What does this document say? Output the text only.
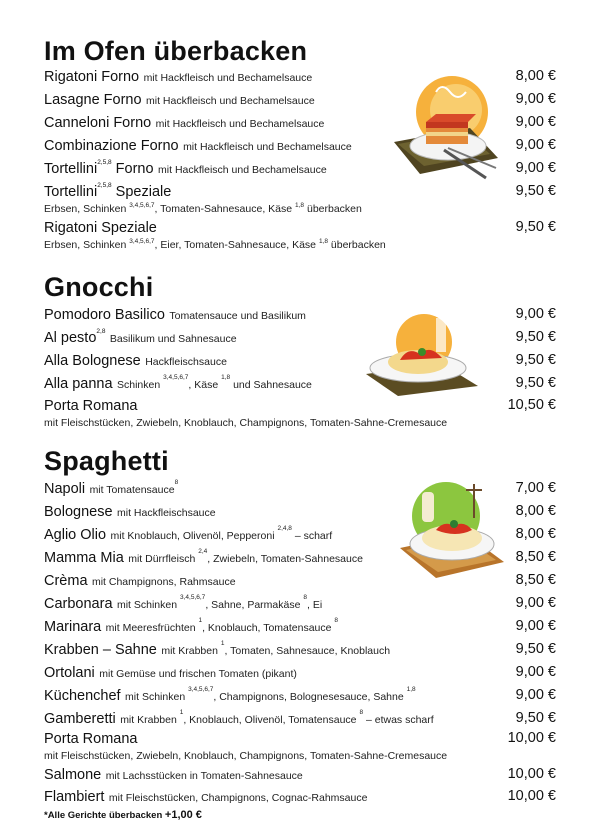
Im Ofen überbacken
Rigatoni Forno mit Hackfleisch und Bechamelsauce	8,00 €
Lasagne Forno mit Hackfleisch und Bechamelsauce	9,00 €
Canneloni Forno mit Hackfleisch und Bechamelsauce	9,00 €
Combinazione Forno mit Hackfleisch und Bechamelsauce	9,00 €
Tortellini$^{2,5,8}$ Forno mit Hackfleisch und Bechamelsauce	9,00 €
Tortellini$^{2,5,8}$ Speziale	9,50 €
Erbsen, Schinken $^{3,4,5,6,7}$, Tomaten-Sahnesauce, Käse $^{1,8}$ überbacken
Rigatoni Speziale	9,50 €
Erbsen, Schinken $^{3,4,5,6,7}$, Eier, Tomaten-Sahnesauce, Käse $^{1,8}$ überbacken
Gnocchi
Pomodoro Basilico Tomatensauce und Basilikum	9,00 €
Al pesto$^{2,8}$ Basilikum und Sahnesauce	9,50 €
Alla Bolognese Hackfleischsauce	9,50 €
Alla panna Schinken $^{3,4,5,6,7}$, Käse $^{1,8}$ und Sahnesauce	9,50 €
Porta Romana	10,50 €
mit Fleischstücken, Zwiebeln, Knoblauch, Champignons, Tomaten-Sahne-Cremesauce
Spaghetti
Napoli mit Tomatensauce$^8$	7,00 €
Bolognese mit Hackfleischsauce	8,00 €
Aglio Olio mit Knoblauch, Olivenöl, Pepperoni $^{2,4,8}$ – scharf	8,00 €
Mamma Mia mit Dürrfleisch $^{2,4}$, Zwiebeln, Tomaten-Sahnesauce	8,50 €
Crèma mit Champignons, Rahmsauce	8,50 €
Carbonara mit Schinken $^{3,4,5,6,7}$, Sahne, Parmakäse $^8$, Ei	9,00 €
Marinara mit Meeresfrüchten $^1$, Knoblauch, Tomatensauce $^8$	9,00 €
Krabben – Sahne mit Krabben $^1$, Tomaten, Sahnesauce, Knoblauch	9,50 €
Ortolani mit Gemüse und frischen Tomaten (pikant)	9,00 €
Küchenchef mit Schinken $^{3,4,5,6,7}$, Champignons, Bolognesesauce, Sahne $^{1,8}$	9,00 €
Gamberetti mit Krabben $^1$, Knoblauch, Olivenöl, Tomatensauce $^8$ – etwas scharf	9,50 €
Porta Romana	10,00 €
mit Fleischstücken, Zwiebeln, Knoblauch, Champignons, Tomaten-Sahne-Cremesauce
Salmone mit Lachsstücken in Tomaten-Sahnesauce	10,00 €
Flambiert mit Fleischstücken, Champignons, Cognac-Rahmsauce	10,00 €
*Alle Gerichte überbacken +1,00 €
